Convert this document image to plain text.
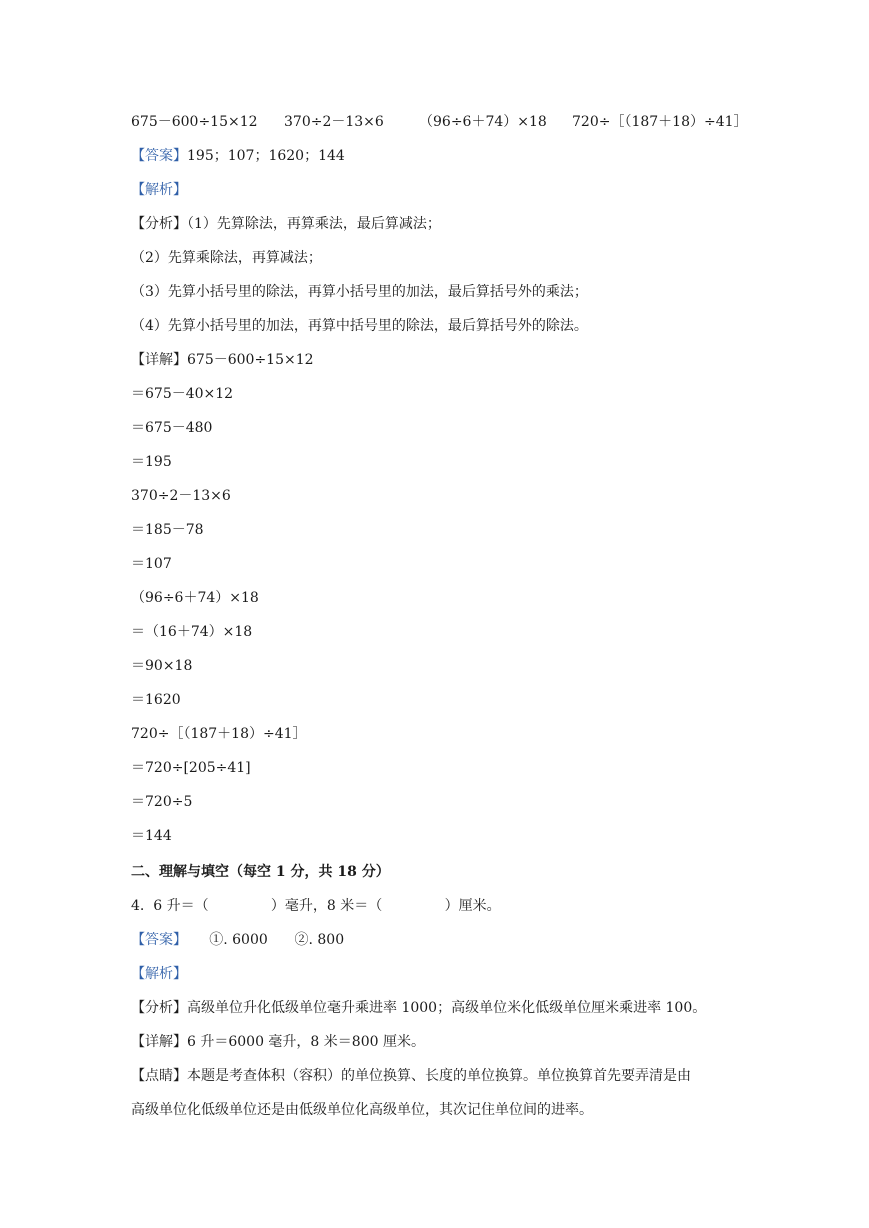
675－600÷15×12 370÷2－13×6	（96÷6＋74）×18 720÷［（187＋18）÷41］

【答案】195；107；1620；144

【解析】

【分析】（1）先算除法，再算乘法，最后算减法；

（2）先算乘除法，再算减法；

（3）先算小括号里的除法，再算小括号里的加法，最后算括号外的乘法；

（4）先算小括号里的加法，再算中括号里的除法，最后算括号外的除法。

【详解】675－600÷15×12

＝675－40×12

＝675－480

＝195

370÷2－13×6

＝185－78

＝107

（96÷6＋74）×18

＝（16＋74）×18

＝90×18

＝1620

720÷［（187＋18）÷41］

＝720÷[205÷41]

＝720÷5

＝144

二、理解与填空（每空 1 分，共 18 分）

4.  6 升＝（              ）毫升，8 米＝（              ）厘米。

【答案】     ①. 6000      ②. 800

【解析】

【分析】高级单位升化低级单位毫升乘进率 1000；高级单位米化低级单位厘米乘进率 100。

【详解】6 升＝6000 毫升，8 米＝800 厘米。

【点睛】本题是考查体积（容积）的单位换算、长度的单位换算。单位换算首先要弄清是由

高级单位化低级单位还是由低级单位化高级单位，其次记住单位间的进率。
